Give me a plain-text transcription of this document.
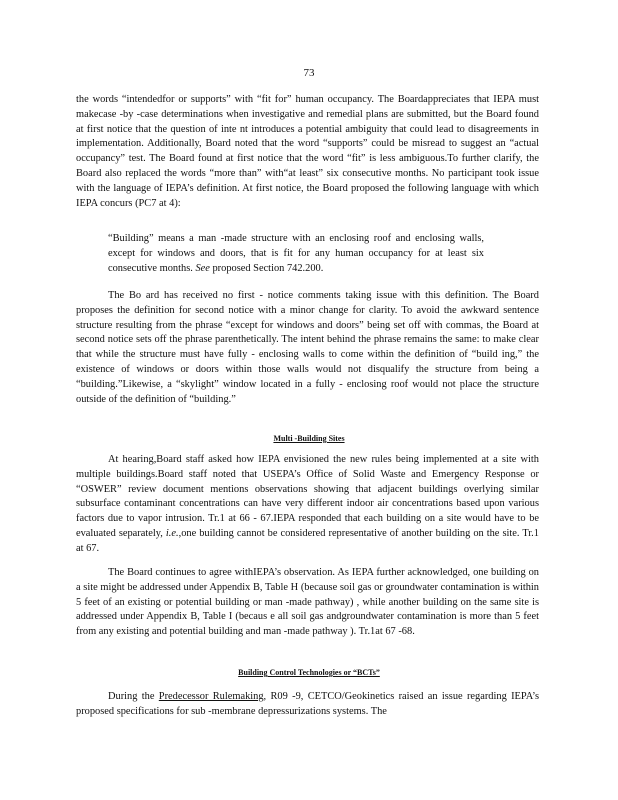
73

the words “intendedfor or supports” with “fit for” human occupancy. The Boardappreciates that IEPA must makecase -by -case determinations when investigative and remedial plans are submitted, but the Board found at first notice that the question of inte nt introduces a potential ambiguity that could lead to disagreements in implementation. Additionally, Board noted that the word “supports” could be misread to suggest an “actual occupancy” test. The Board found at first notice that the word “fit” is less ambiguous.To further clarify, the Board also replaced the words “more than” with“at least” six consecutive months. No participant took issue with the language of IEPA’s definition. At first notice, the Board proposed the following language with which IEPA concurs (PC7 at 4):

“Building” means a man -made structure with an enclosing roof and enclosing walls, except for windows and doors, that is fit for any human occupancy for at least six consecutive months. See proposed Section 742.200.

The Bo ard has received no first - notice comments taking issue with this definition. The Board proposes the definition for second notice with a minor change for clarity. To avoid the awkward sentence structure resulting from the phrase “except for windows and doors” being set off with commas, the Board at second notice sets off the phrase parenthetically. The intent behind the phrase remains the same: to make clear that while the structure must have fully - enclosing walls to come within the definition of “build ing,” the existence of windows or doors within those walls would not disqualify the structure from being a “building.”Likewise, a “skylight” window located in a fully - enclosing roof would not place the structure outside of the definition of “building.”

Multi -Building Sites

At hearing,Board staff asked how IEPA envisioned the new rules being implemented at a site with multiple buildings.Board staff noted that USEPA’s Office of Solid Waste and Emergency Response or “OSWER” review document mentions observations showing that adjacent buildings overlying similar subsurface contaminant concentrations can have very different indoor air concentrations based upon various factors due to vapor intrusion. Tr.1 at 66 - 67.IEPA responded that each building on a site would have to be evaluated separately, i.e.,one building cannot be considered representative of another building on the site. Tr.1 at 67.

The Board continues to agree withIEPA’s observation. As IEPA further acknowledged, one building on a site might be addressed under Appendix B, Table H (because soil gas or groundwater contamination is within 5 feet of an existing or potential building or man -made pathway) , while another building on the same site is addressed under Appendix B, Table I (becaus e all soil gas andgroundwater contamination is more than 5 feet from any existing and potential building and man -made pathway ). Tr.1at 67 -68.

Building Control Technologies or “BCTs”

During the Predecessor Rulemaking, R09 -9, CETCO/Geokinetics raised an issue regarding IEPA’s proposed specifications for sub -membrane depressurizations systems. The
